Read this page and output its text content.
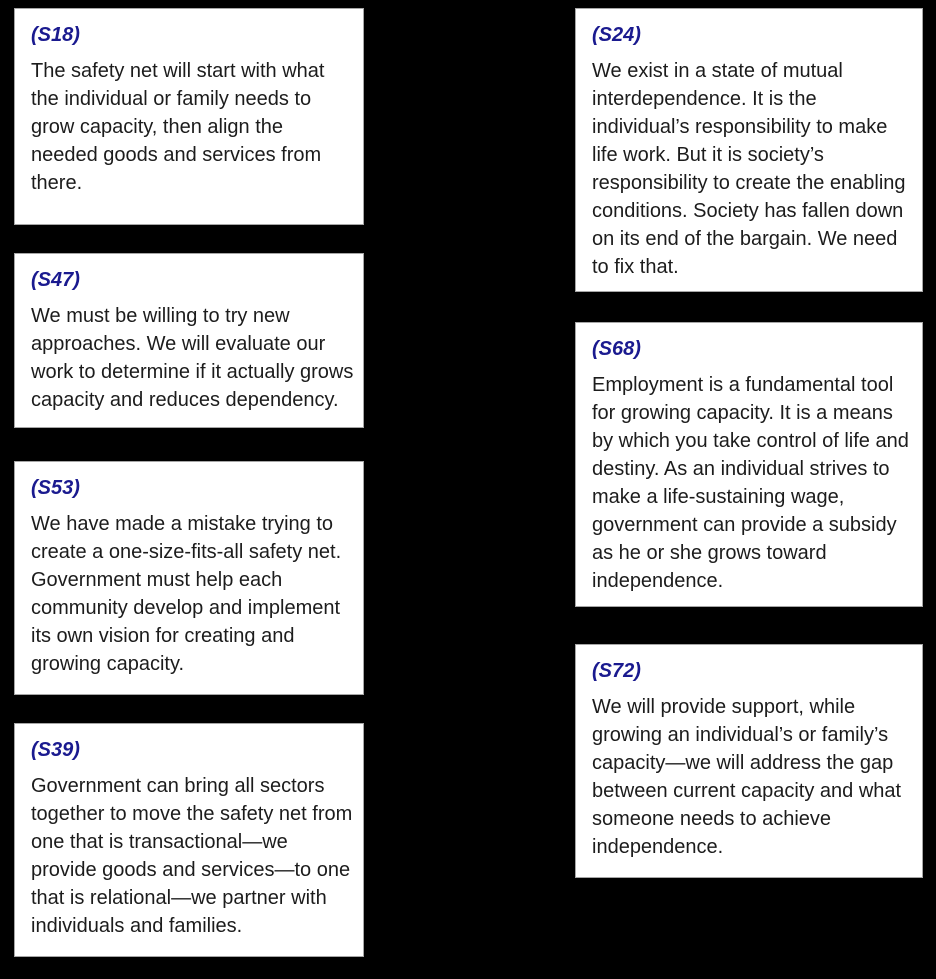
(S18)
The safety net will start with what the individual or family needs to grow capacity, then align the needed goods and services from there.
(S47)
We must be willing to try new approaches. We will evaluate our work to determine if it actually grows capacity and reduces dependency.
(S53)
We have made a mistake trying to create a one-size-fits-all safety net. Government must help each community develop and implement its own vision for creating and growing capacity.
(S39)
Government can bring all sectors together to move the safety net from one that is transactional—we provide goods and services—to one that is relational—we partner with individuals and families.
(S24)
We exist in a state of mutual interdependence. It is the individual’s responsibility to make life work. But it is society’s responsibility to create the enabling conditions. Society has fallen down on its end of the bargain. We need to fix that.
(S68)
Employment is a fundamental tool for growing capacity. It is a means by which you take control of life and destiny. As an individual strives to make a life-sustaining wage, government can provide a subsidy as he or she grows toward independence.
(S72)
We will provide support, while growing an individual’s or family’s capacity—we will address the gap between current capacity and what someone needs to achieve independence.
